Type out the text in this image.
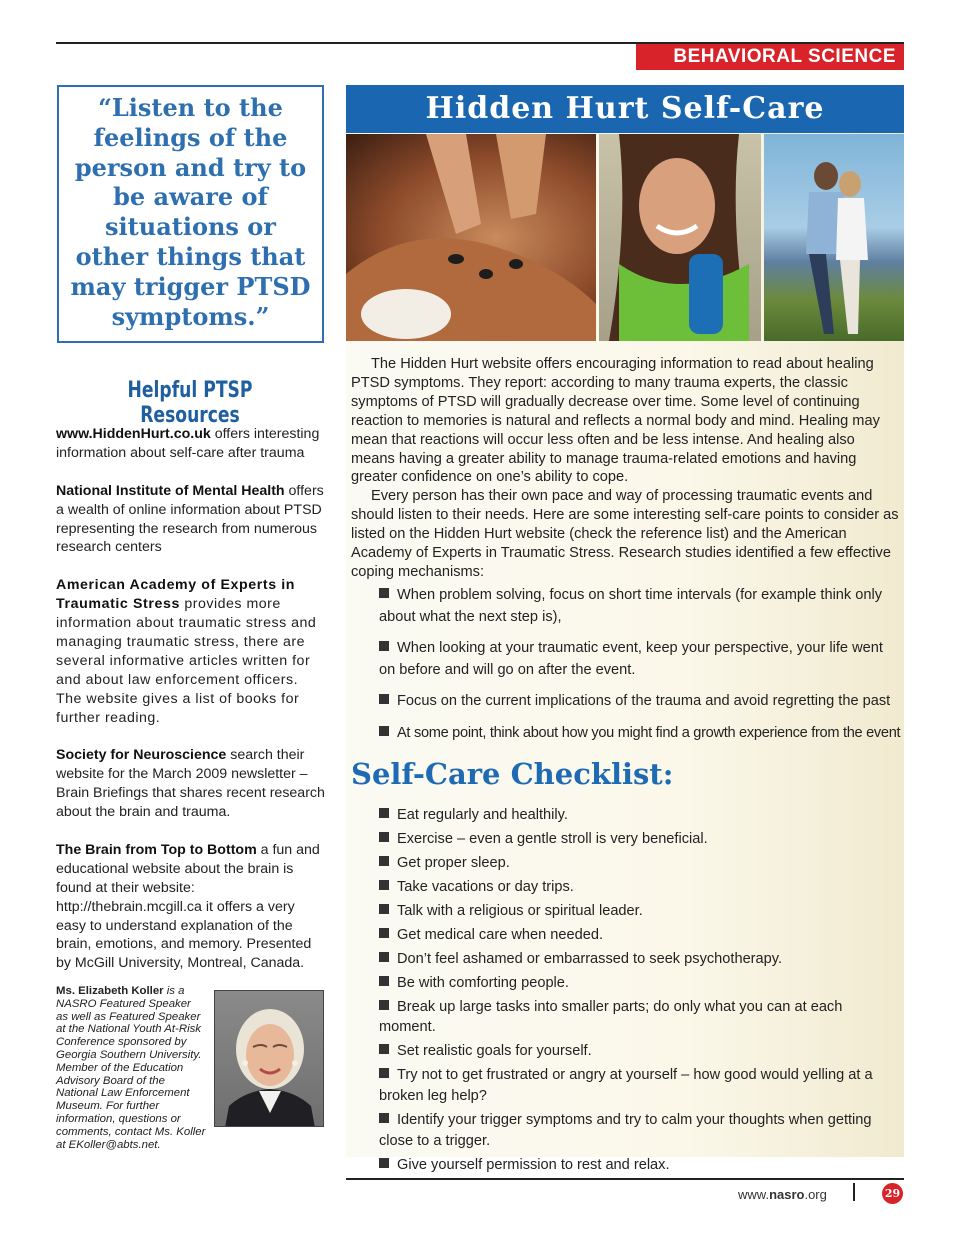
BEHAVIORAL SCIENCE
“Listen to the feelings of the person and try to be aware of situations or other things that may trigger PTSD symptoms.”
Helpful PTSP Resources

www.HiddenHurt.co.uk offers interesting information about self-care after trauma

National Institute of Mental Health offers a wealth of online information about PTSD representing the research from numerous research centers

American Academy of Experts in Traumatic Stress provides more information about traumatic stress and managing traumatic stress, there are several informative articles written for and about law enforcement officers. The website gives a list of books for further reading.

Society for Neuroscience search their website for the March 2009 newsletter – Brain Briefings that shares recent research about the brain and trauma.

The Brain from Top to Bottom a fun and educational website about the brain is found at their website: http://thebrain.mcgill.ca it offers a very easy to understand explanation of the brain, emotions, and memory. Presented by McGill University, Montreal, Canada.

Ms. Elizabeth Koller is a NASRO Featured Speaker as well as Featured Speaker at the National Youth At-Risk Conference sponsored by Georgia Southern University. Member of the Education Advisory Board of the National Law Enforcement Museum. For further information, questions or comments, contact Ms. Koller at EKoller@abts.net.
Hidden Hurt Self-Care

The Hidden Hurt website offers encouraging information to read about healing PTSD symptoms. They report: according to many trauma experts, the classic symptoms of PTSD will gradually decrease over time. Some level of continuing reaction to memories is natural and reflects a normal body and mind. Healing may mean that reactions will occur less often and be less intense. And healing also means having a greater ability to manage trauma-related emotions and having greater confidence on one’s ability to cope.

Every person has their own pace and way of processing traumatic events and should listen to their needs. Here are some interesting self-care points to consider as listed on the Hidden Hurt website (check the reference list) and the American Academy of Experts in Traumatic Stress. Research studies identified a few effective coping mechanisms:

When problem solving, focus on short time intervals (for example think only about what the next step is),
When looking at your traumatic event, keep your perspective, your life went on before and will go on after the event.
Focus on the current implications of the trauma and avoid regretting the past
At some point, think about how you might find a growth experience from the event
Self-Care Checklist:
Eat regularly and healthily.
Exercise – even a gentle stroll is very beneficial.
Get proper sleep.
Take vacations or day trips.
Talk with a religious or spiritual leader.
Get medical care when needed.
Don’t feel ashamed or embarrassed to seek psychotherapy.
Be with comforting people.
Break up large tasks into smaller parts; do only what you can at each moment.
Set realistic goals for yourself.
Try not to get frustrated or angry at yourself – how good would yelling at a broken leg help?
Identify your trigger symptoms and try to calm your thoughts when getting close to a trigger.
Give yourself permission to rest and relax.
www.nasro.org	29
